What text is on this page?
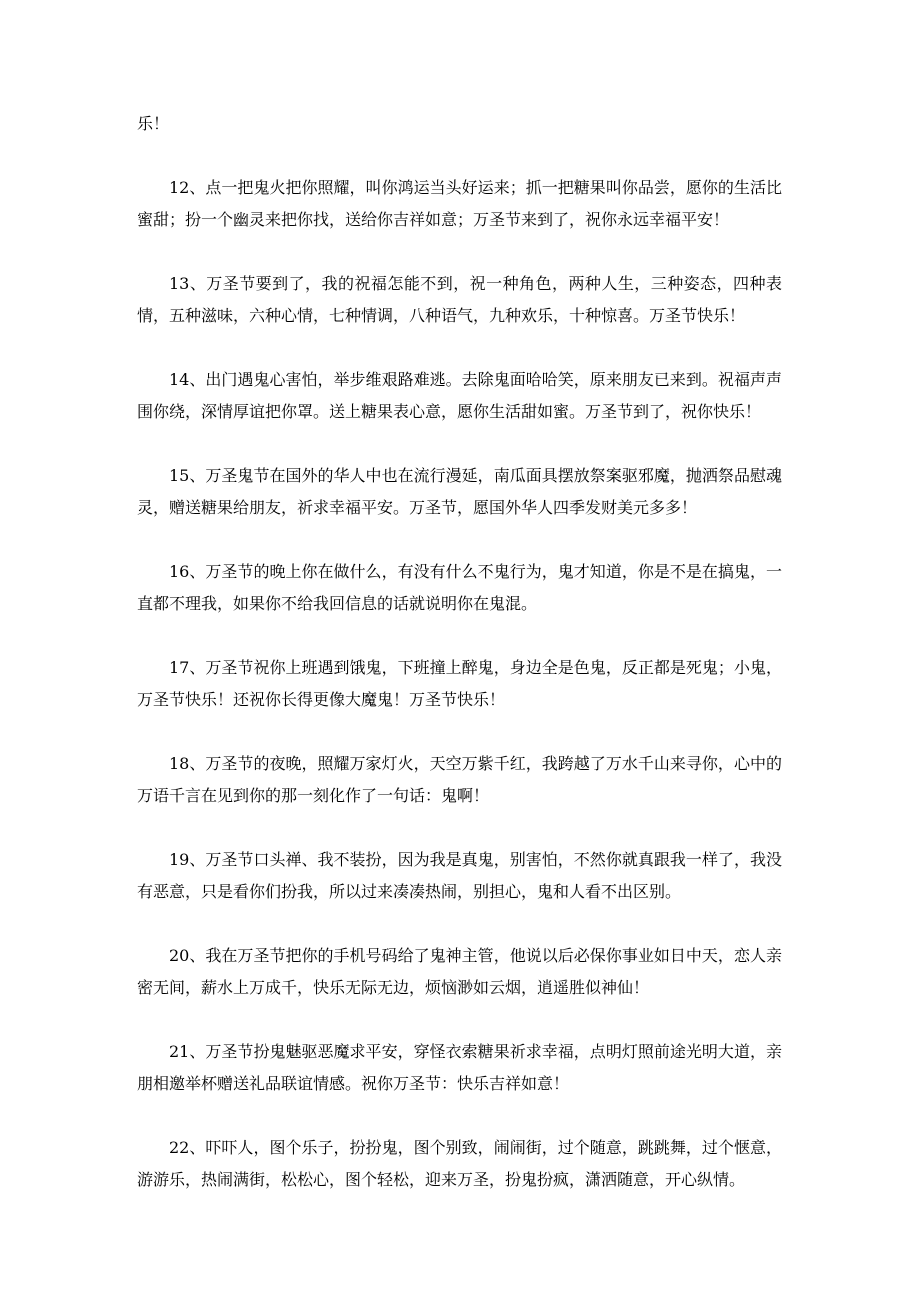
乐！

12、点一把鬼火把你照耀，叫你鸿运当头好运来；抓一把糖果叫你品尝，愿你的生活比蜜甜；扮一个幽灵来把你找，送给你吉祥如意；万圣节来到了，祝你永远幸福平安！

13、万圣节要到了，我的祝福怎能不到，祝一种角色，两种人生，三种姿态，四种表情，五种滋味，六种心情，七种情调，八种语气，九种欢乐，十种惊喜。万圣节快乐！

14、出门遇鬼心害怕，举步维艰路难逃。去除鬼面哈哈笑，原来朋友已来到。祝福声声围你绕，深情厚谊把你罩。送上糖果表心意，愿你生活甜如蜜。万圣节到了，祝你快乐！

15、万圣鬼节在国外的华人中也在流行漫延，南瓜面具摆放祭案驱邪魔，抛洒祭品慰魂灵，赠送糖果给朋友，祈求幸福平安。万圣节，愿国外华人四季发财美元多多！

16、万圣节的晚上你在做什么，有没有什么不鬼行为，鬼才知道，你是不是在搞鬼，一直都不理我，如果你不给我回信息的话就说明你在鬼混。

17、万圣节祝你上班遇到饿鬼，下班撞上醉鬼，身边全是色鬼，反正都是死鬼；小鬼，万圣节快乐！还祝你长得更像大魔鬼！万圣节快乐！

18、万圣节的夜晚，照耀万家灯火，天空万紫千红，我跨越了万水千山来寻你，心中的万语千言在见到你的那一刻化作了一句话：鬼啊！

19、万圣节口头禅、我不装扮，因为我是真鬼，别害怕，不然你就真跟我一样了，我没有恶意，只是看你们扮我，所以过来凑凑热闹，别担心，鬼和人看不出区别。

20、我在万圣节把你的手机号码给了鬼神主管，他说以后必保你事业如日中天，恋人亲密无间，薪水上万成千，快乐无际无边，烦恼渺如云烟，逍遥胜似神仙！

21、万圣节扮鬼魅驱恶魔求平安，穿怪衣索糖果祈求幸福，点明灯照前途光明大道，亲朋相邀举杯赠送礼品联谊情感。祝你万圣节：快乐吉祥如意！

22、吓吓人，图个乐子，扮扮鬼，图个别致，闹闹街，过个随意，跳跳舞，过个惬意，游游乐，热闹满街，松松心，图个轻松，迎来万圣，扮鬼扮疯，潇洒随意，开心纵情。
